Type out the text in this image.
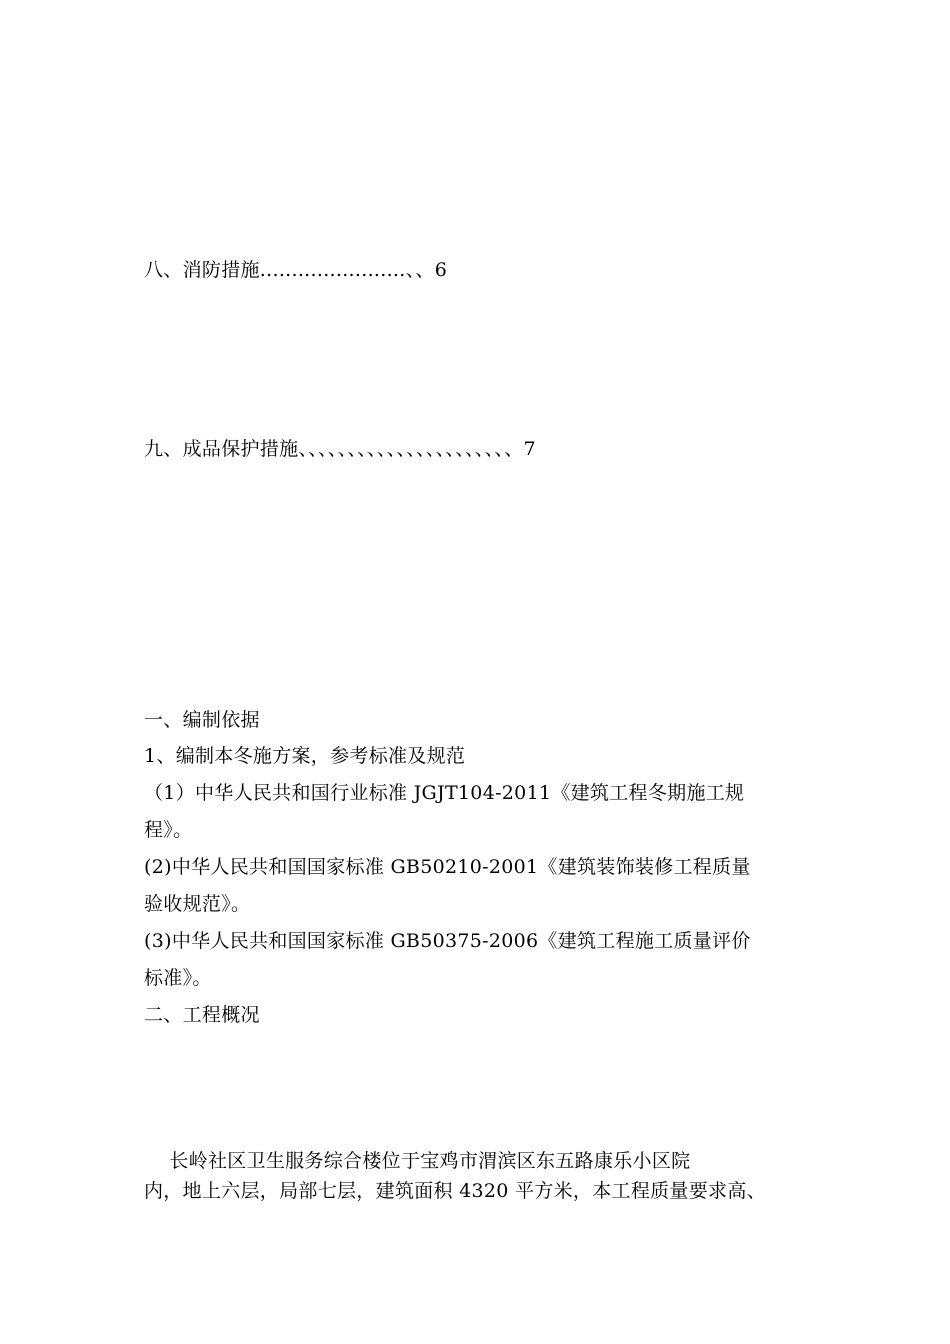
八、消防措施.......................、、6
九、成品保护措施、、、、、、、、、、、、、、、、、、、、、、7
一、编制依据
1、编制本冬施方案，参考标准及规范
（1）中华人民共和国行业标准 JGJT104-2011《建筑工程冬期施工规
程》。
(2)中华人民共和国国家标准 GB50210-2001《建筑装饰装修工程质量
验收规范》。
(3)中华人民共和国国家标准 GB50375-2006《建筑工程施工质量评价
标准》。
二、工程概况
长岭社区卫生服务综合楼位于宝鸡市渭滨区东五路康乐小区院
内，地上六层，局部七层，建筑面积 4320 平方米，本工程质量要求高、
